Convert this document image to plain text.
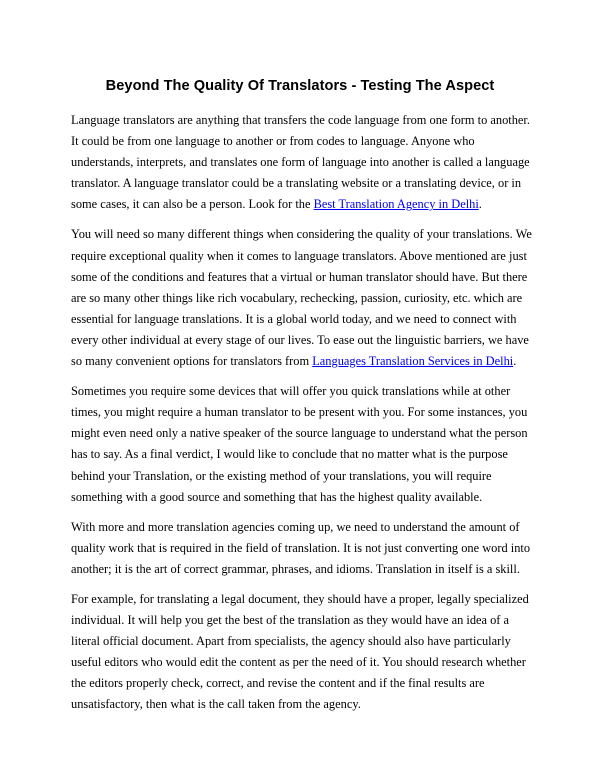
Beyond The Quality Of Translators - Testing The Aspect

Language translators are anything that transfers the code language from one form to another. It could be from one language to another or from codes to language. Anyone who understands, interprets, and translates one form of language into another is called a language translator. A language translator could be a translating website or a translating device, or in some cases, it can also be a person. Look for the Best Translation Agency in Delhi.

You will need so many different things when considering the quality of your translations. We require exceptional quality when it comes to language translators. Above mentioned are just some of the conditions and features that a virtual or human translator should have. But there are so many other things like rich vocabulary, rechecking, passion, curiosity, etc. which are essential for language translations. It is a global world today, and we need to connect with every other individual at every stage of our lives. To ease out the linguistic barriers, we have so many convenient options for translators from Languages Translation Services in Delhi.

Sometimes you require some devices that will offer you quick translations while at other times, you might require a human translator to be present with you. For some instances, you might even need only a native speaker of the source language to understand what the person has to say. As a final verdict, I would like to conclude that no matter what is the purpose behind your Translation, or the existing method of your translations, you will require something with a good source and something that has the highest quality available.

With more and more translation agencies coming up, we need to understand the amount of quality work that is required in the field of translation. It is not just converting one word into another; it is the art of correct grammar, phrases, and idioms. Translation in itself is a skill.

For example, for translating a legal document, they should have a proper, legally specialized individual. It will help you get the best of the translation as they would have an idea of a literal official document. Apart from specialists, the agency should also have particularly useful editors who would edit the content as per the need of it. You should research whether the editors properly check, correct, and revise the content and if the final results are unsatisfactory, then what is the call taken from the agency.
